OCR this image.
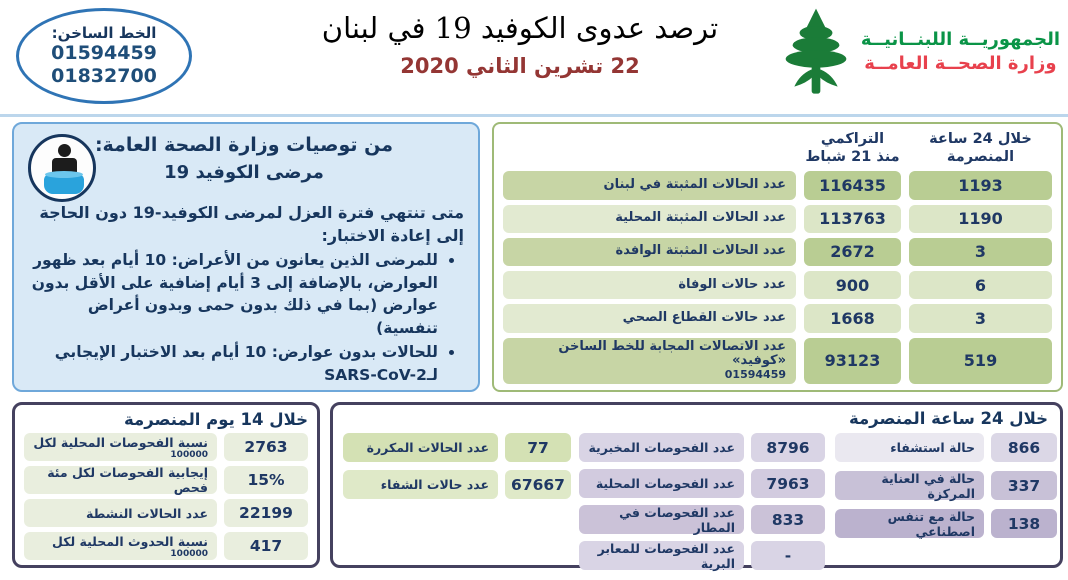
الخط الساخن:
01594459
01832700
ترصد عدوى الكوفيد 19 في لبنان
22 تشرين الثاني 2020
الجمهوريــة اللبنــانيــة
وزارة الصحــة العامــة
من توصيات وزارة الصحة العامة:
مرضى الكوفيد 19
متى تنتهي فترة العزل لمرضى الكوفيد-19 دون الحاجة إلى إعادة الاختبار:
• للمرضى الذين يعانون من الأعراض: 10 أيام بعد ظهور العوارض، بالإضافة إلى 3 أيام إضافية على الأقل بدون عوارض (بما في ذلك بدون حمى وبدون أعراض تنفسية)
• للحالات بدون عوارض: 10 أيام بعد الاختبار الإيجابي لـSARS-CoV-2
التراكمي
منذ 21 شباط
خلال 24 ساعة
المنصرمة
عدد الحالات المثبتة في لبنان	116435	1193
عدد الحالات المثبتة المحلية	113763	1190
عدد الحالات المثبتة الوافدة	2672	3
عدد حالات الوفاة	900	6
عدد حالات القطاع الصحي	1668	3
عدد الاتصالات المجابة للخط الساخن «كوفيد»
01594459
93123	519
خلال 14 يوم المنصرمة
نسبة الفحوصات المحلية لكل
100000	2763
إيجابية الفحوصات لكل مئة فحص	15%
عدد الحالات النشطة	22199
نسبة الحدوث المحلية لكل
100000	417
خلال 24 ساعة المنصرمة
عدد الحالات المكررة	77
عدد حالات الشفاء	67667
عدد الفحوصات المخبرية	8796
عدد الفحوصات المحلية	7963
عدد الفحوصات في المطار	833
عدد الفحوصات للمعابر البرية	-
حالة استشفاء	866
حالة في العناية المركزة	337
حالة مع تنفس اصطناعي	138
